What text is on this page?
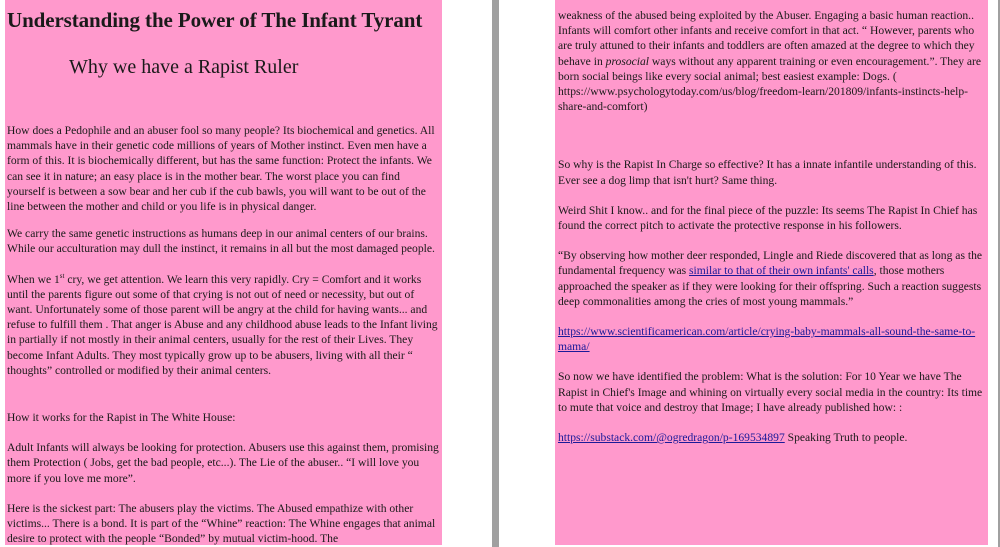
Understanding the Power of The Infant Tyrant
Why we have a Rapist Ruler

How does a Pedophile and an abuser fool so many people? Its biochemical and genetics. All mammals have in their genetic code millions of years of Mother instinct. Even men have a form of this. It is biochemically different, but has the same function: Protect the infants. We can see it in nature; an easy place is in the mother bear. The worst place you can find yourself is between a sow bear and her cub if the cub bawls, you will want to be out of the line between the mother and child or you life is in physical danger.

We carry the same genetic instructions as humans deep in our animal centers of our brains. While our acculturation may dull the instinct, it remains in all but the most damaged people.

When we 1st cry, we get attention. We learn this very rapidly. Cry = Comfort and it works until the parents figure out some of that crying is not out of need or necessity, but out of want. Unfortunately some of those parent will be angry at the child for having wants... and refuse to fulfill them . That anger is Abuse and any childhood abuse leads to the Infant living in partially if not mostly in their animal centers, usually for the rest of their Lives. They become Infant Adults. They most typically grow up to be abusers, living with all their “ thoughts” controlled or modified by their animal centers.

How it works for the Rapist in The White House:

Adult Infants will always be looking for protection. Abusers use this against them, promising them Protection ( Jobs, get the bad people, etc...). The Lie of the abuser.. “I will love you more if you love me more”.

Here is the sickest part: The abusers play the victims. The Abused empathize with other victims... There is a bond. It is part of the “Whine” reaction: The Whine engages that animal desire to protect with the people “Bonded” by mutual victim-hood. The

weakness of the abused being exploited by the Abuser. Engaging a basic human reaction.. Infants will comfort other infants and receive comfort in that act. “ However, parents who are truly attuned to their infants and toddlers are often amazed at the degree to which they behave in prosocial ways without any apparent training or even encouragement.”. They are born social beings like every social animal; best easiest example: Dogs. ( https://www.psychologytoday.com/us/blog/freedom-learn/201809/infants-instincts-help-share-and-comfort)

So why is the Rapist In Charge so effective? It has a innate infantile understanding of this. Ever see a dog limp that isn't hurt? Same thing.

Weird Shit I know.. and for the final piece of the puzzle: Its seems The Rapist In Chief has found the correct pitch to activate the protective response in his followers.

“By observing how mother deer responded, Lingle and Riede discovered that as long as the fundamental frequency was similar to that of their own infants' calls, those mothers approached the speaker as if they were looking for their offspring. Such a reaction suggests deep commonalities among the cries of most young mammals.”

https://www.scientificamerican.com/article/crying-baby-mammals-all-sound-the-same-to-mama/

So now we have identified the problem: What is the solution: For 10 Year we have The Rapist in Chief's Image and whining on virtually every social media in the country: Its time to mute that voice and destroy that Image; I have already published how: :

https://substack.com/@ogredragon/p-169534897 Speaking Truth to people.
